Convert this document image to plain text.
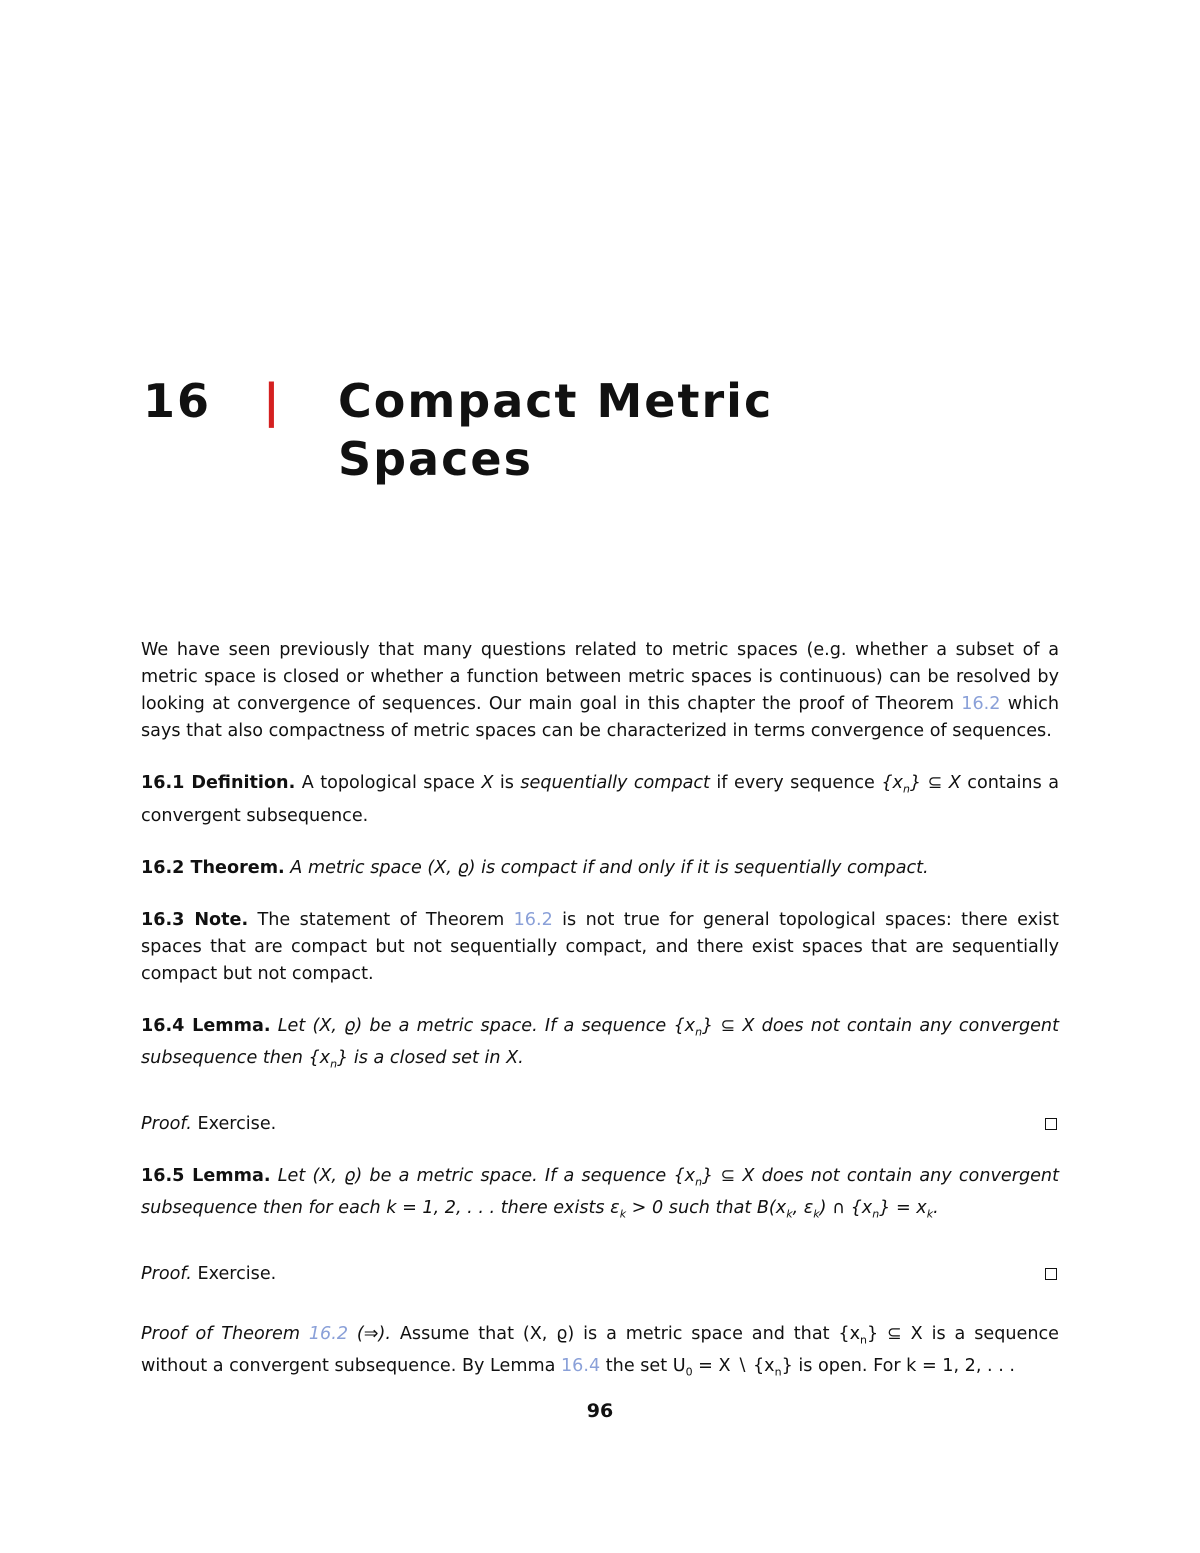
16	|	Compact Metric
Spaces

We have seen previously that many questions related to metric spaces (e.g. whether a subset of a metric space is closed or whether a function between metric spaces is continuous) can be resolved by looking at convergence of sequences. Our main goal in this chapter the proof of Theorem 16.2 which says that also compactness of metric spaces can be characterized in terms convergence of sequences.

16.1 Definition. A topological space X is sequentially compact if every sequence $\{x_n\}$ ⊆ X contains a convergent subsequence.

16.2 Theorem. A metric space (X, ϱ) is compact if and only if it is sequentially compact.

16.3 Note. The statement of Theorem 16.2 is not true for general topological spaces: there exist spaces that are compact but not sequentially compact, and there exist spaces that are sequentially compact but not compact.

16.4 Lemma. Let (X, ϱ) be a metric space. If a sequence $\{x_n\}$ ⊆ X does not contain any convergent subsequence then $\{x_n\}$ is a closed set in X.

Proof. Exercise.

16.5 Lemma. Let (X, ϱ) be a metric space. If a sequence $\{x_n\}$ ⊆ X does not contain any convergent subsequence then for each k = 1, 2, . . . there exists $\varepsilon_k > 0$ such that $B(x_k$, $\varepsilon_k$) ∩ $\{x_n\} = x_k$.

Proof. Exercise.

Proof of Theorem 16.2 (⇒). Assume that (X, ϱ) is a metric space and that $\{x_n\}$ ⊆ X is a sequence without a convergent subsequence. By Lemma 16.4 the set $U_0 = X$ ∖ $\{x_n\}$ is open. For k = 1, 2, . . .

96
